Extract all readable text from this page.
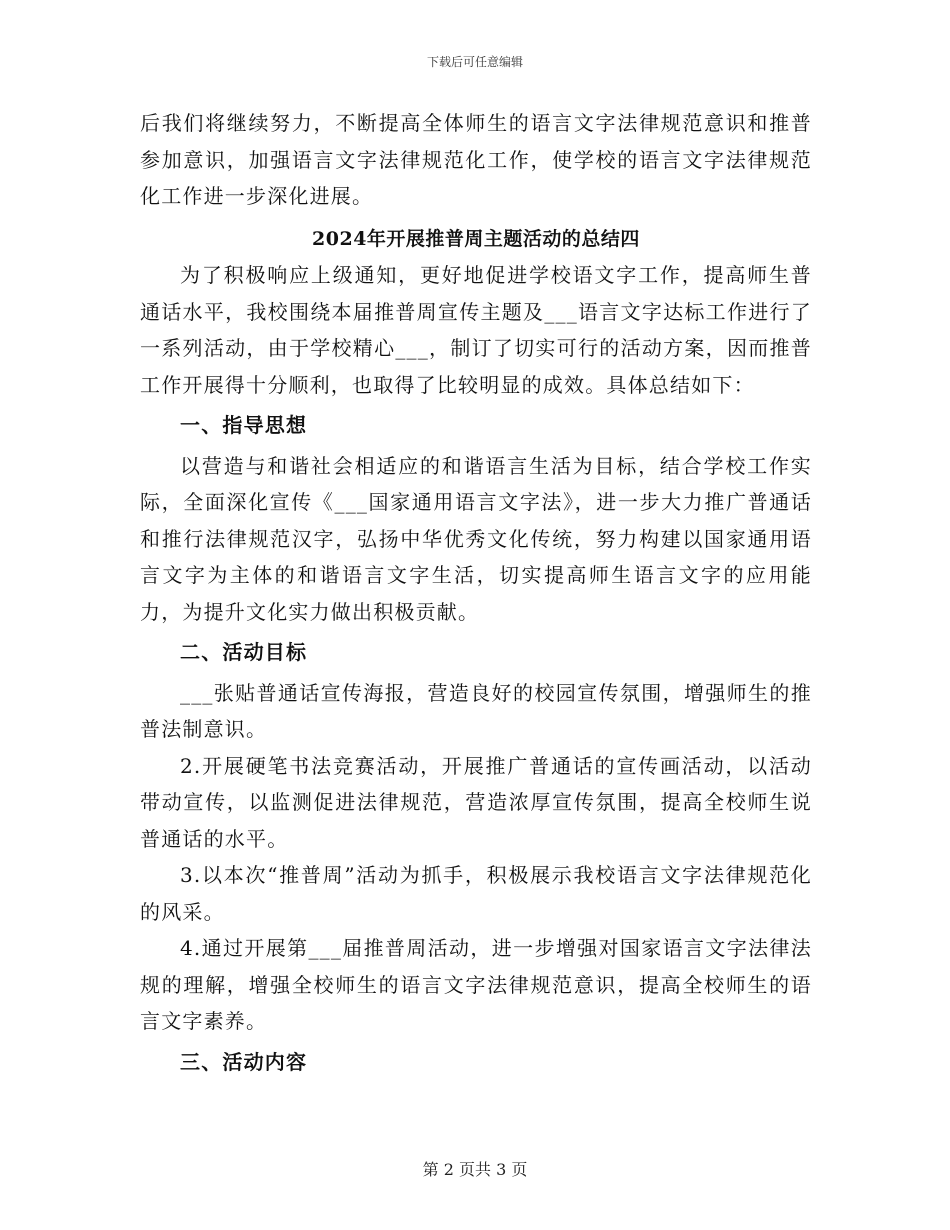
下载后可任意编辑

后我们将继续努力，不断提高全体师生的语言文字法律规范意识和推普参加意识，加强语言文字法律规范化工作，使学校的语言文字法律规范化工作进一步深化进展。

2024年开展推普周主题活动的总结四

为了积极响应上级通知，更好地促进学校语文字工作，提高师生普通话水平，我校围绕本届推普周宣传主题及___语言文字达标工作进行了一系列活动，由于学校精心___，制订了切实可行的活动方案，因而推普工作开展得十分顺利，也取得了比较明显的成效。具体总结如下：

一、指导思想

以营造与和谐社会相适应的和谐语言生活为目标，结合学校工作实际，全面深化宣传《___国家通用语言文字法》，进一步大力推广普通话和推行法律规范汉字，弘扬中华优秀文化传统，努力构建以国家通用语言文字为主体的和谐语言文字生活，切实提高师生语言文字的应用能力，为提升文化实力做出积极贡献。

二、活动目标

___张贴普通话宣传海报，营造良好的校园宣传氛围，增强师生的推普法制意识。

2.开展硬笔书法竞赛活动，开展推广普通话的宣传画活动，以活动带动宣传，以监测促进法律规范，营造浓厚宣传氛围，提高全校师生说普通话的水平。

3.以本次“推普周”活动为抓手，积极展示我校语言文字法律规范化的风采。

4.通过开展第___届推普周活动，进一步增强对国家语言文字法律法规的理解，增强全校师生的语言文字法律规范意识，提高全校师生的语言文字素养。

三、活动内容

第 2 页共 3 页
